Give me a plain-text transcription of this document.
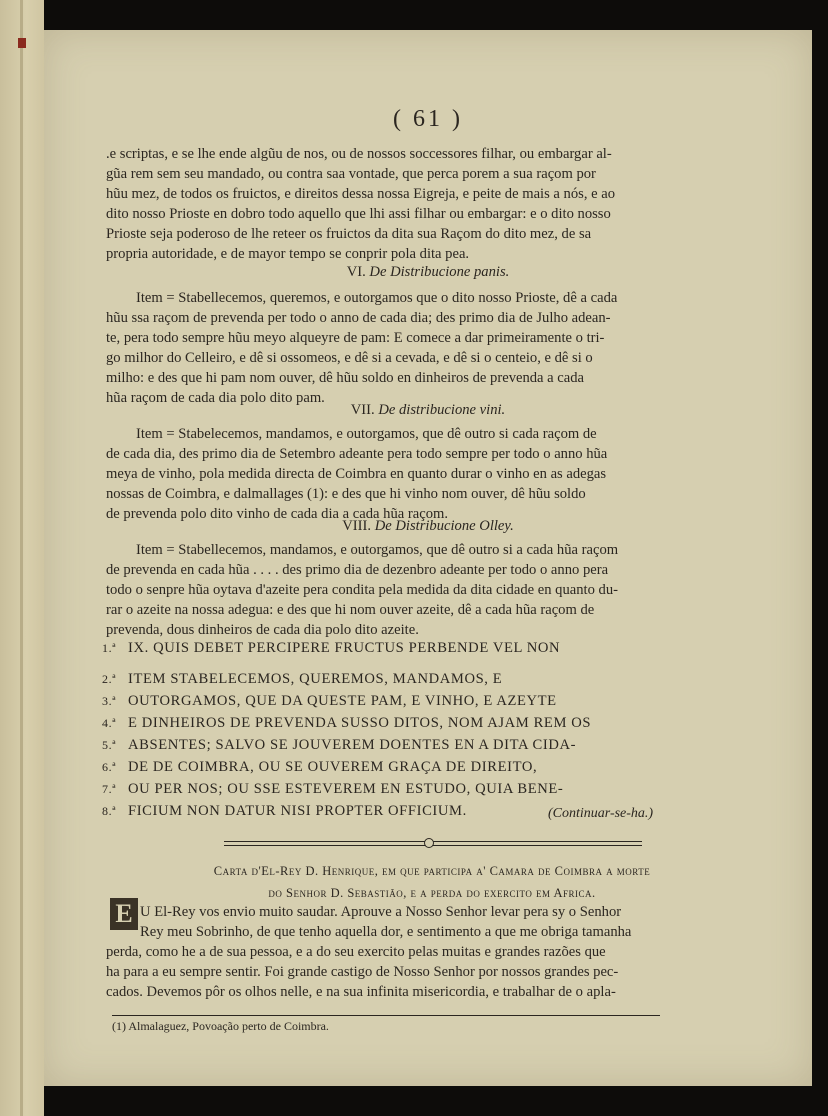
( 61 )
.e scriptas, e se lhe ende algũu de nos, ou de nossos soccessores filhar, ou embargar al-
gũa rem sem seu mandado, ou contra saa vontade, que perca porem a sua raçom por
hũu mez, de todos os fruictos, e direitos dessa nossa Eigreja, e peite de mais a nós, e ao
dito nosso Prioste en dobro todo aquello que lhi assi filhar ou embargar: e o dito nosso
Prioste seja poderoso de lhe reteer os fruictos da dita sua Raçom do dito mez, de sa
propria autoridade, e de mayor tempo se conprir pola dita pea.
VI. De Distribucione panis.
Item = Stabellecemos, queremos, e outorgamos que o dito nosso Prioste, dê a cada
hũu ssa raçom de prevenda per todo o anno de cada dia; des primo dia de Julho adean-
te, pera todo sempre hũu meyo alqueyre de pam: E comece a dar primeiramente o tri-
go milhor do Celleiro, e dê si ossomeos, e dê si a cevada, e dê si o centeio, e dê si o
milho: e des que hi pam nom ouver, dê hũu soldo en dinheiros de prevenda a cada
hũa raçom de cada dia polo dito pam.
VII. De distribucione vini.
Item = Stabelecemos, mandamos, e outorgamos, que dê outro si cada raçom de
de cada dia, des primo dia de Setembro adeante pera todo sempre per todo o anno hũa
meya de vinho, pola medida directa de Coimbra en quanto durar o vinho en as adegas
nossas de Coimbra, e dalmallages (1): e des que hi vinho nom ouver, dê hũu soldo
de prevenda polo dito vinho de cada dia a cada hũa raçom.
VIII. De Distribucione Olley.
Item = Stabellecemos, mandamos, e outorgamos, que dê outro si a cada hũa raçom
de prevenda en cada hũa . . . . des primo dia de dezenbro adeante per todo o anno pera
todo o senpre hũa oytava d'azeite pera condita pela medida da dita cidade en quanto du-
rar o azeite na nossa adegua: e des que hi nom ouver azeite, dê a cada hũa raçom de
prevenda, dous dinheiros de cada dia polo dito azeite.
1.ª IX. QUIS DEBET PERCIPERE FRUCTUS PERBENDE VEL NON
2.ª ITEM STABELECEMOS, QUEREMOS, MANDAMOS, E
3.ª OUTORGAMOS, QUE DA QUESTE PAM, E VINHO, E AZEYTE
4.ª E DINHEIROS DE PREVENDA SUSSO DITOS, NOM AJAM REM OS
5.ª ABSENTES; SALVO SE JOUVEREM DOENTES EN A DITA CIDA-
6.ª DE DE COIMBRA, OU SE OUVEREM GRAÇA DE DIREITO,
7.ª OU PER NOS; OU SSE ESTEVEREM EN ESTUDO, QUIA BENE-
8.ª FICIUM NON DATUR NISI PROPTER OFFICIUM.	(Continuar-se-ha.)
Carta d'El-Rey D. Henrique, em que participa a' Camara de Coimbra a morte
do Senhor D. Sebastião, e a perda do exercito em Africa.
E U El-Rey vos envio muito saudar. Aprouve a Nosso Senhor levar pera sy o Senhor
Rey meu Sobrinho, de que tenho aquella dor, e sentimento a que me obriga tamanha
perda, como he a de sua pessoa, e a do seu exercito pelas muitas e grandes razões que
ha para a eu sempre sentir. Foi grande castigo de Nosso Senhor por nossos grandes pec-
cados. Devemos pôr os olhos nelle, e na sua infinita misericordia, e trabalhar de o apla-
(1) Almalaguez, Povoação perto de Coimbra.
